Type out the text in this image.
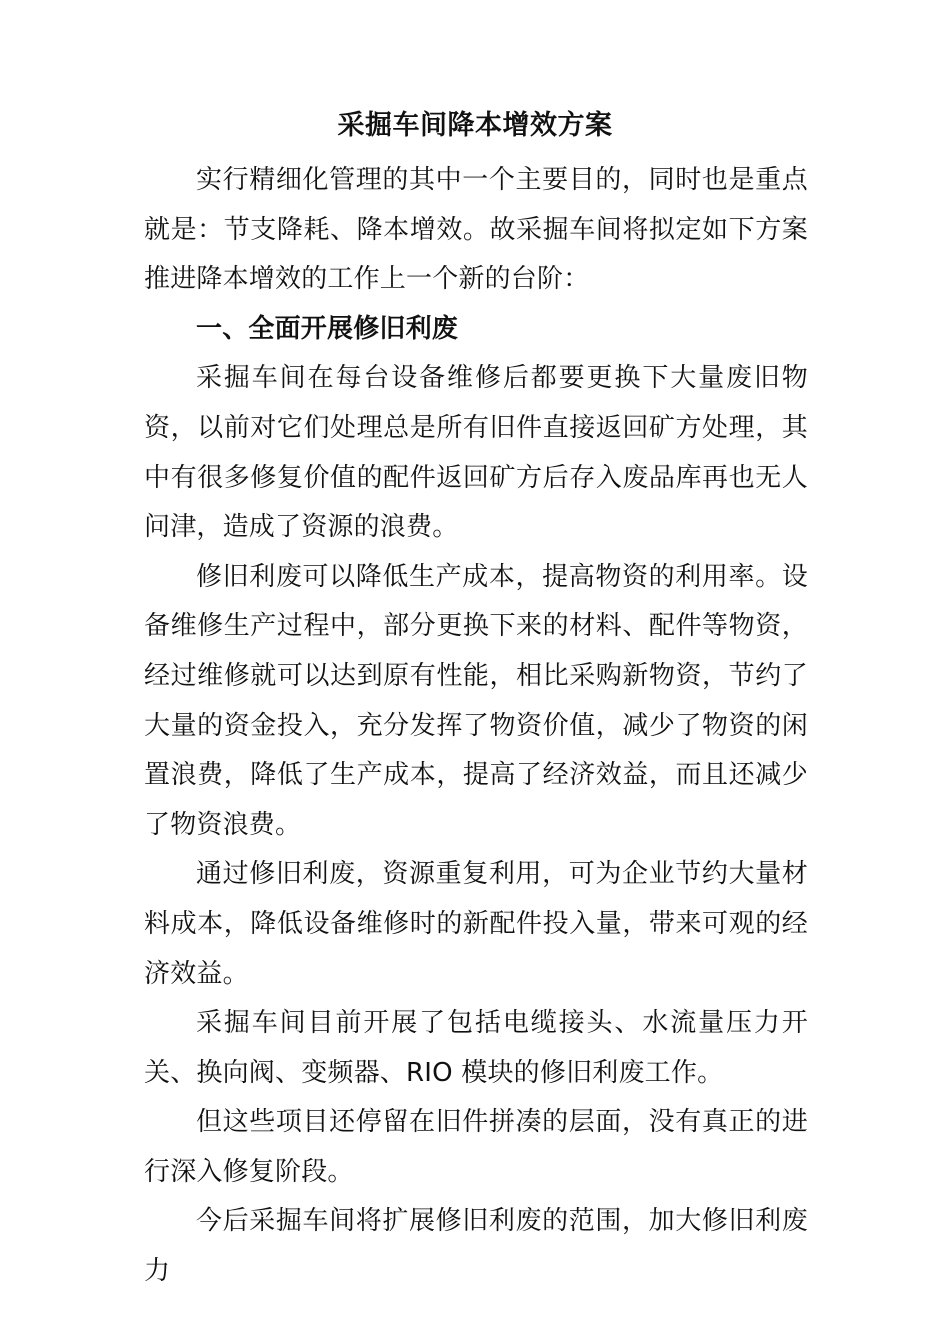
采掘车间降本增效方案

实行精细化管理的其中一个主要目的，同时也是重点就是：节支降耗、降本增效。故采掘车间将拟定如下方案推进降本增效的工作上一个新的台阶：

一、全面开展修旧利废

采掘车间在每台设备维修后都要更换下大量废旧物资，以前对它们处理总是所有旧件直接返回矿方处理，其中有很多修复价值的配件返回矿方后存入废品库再也无人问津，造成了资源的浪费。

修旧利废可以降低生产成本，提高物资的利用率。设备维修生产过程中，部分更换下来的材料、配件等物资，经过维修就可以达到原有性能，相比采购新物资，节约了大量的资金投入，充分发挥了物资价值，减少了物资的闲置浪费，降低了生产成本，提高了经济效益，而且还减少了物资浪费。

通过修旧利废，资源重复利用，可为企业节约大量材料成本，降低设备维修时的新配件投入量，带来可观的经济效益。

采掘车间目前开展了包括电缆接头、水流量压力开关、换向阀、变频器、RIO 模块的修旧利废工作。

但这些项目还停留在旧件拼凑的层面，没有真正的进行深入修复阶段。

今后采掘车间将扩展修旧利废的范围，加大修旧利废力
